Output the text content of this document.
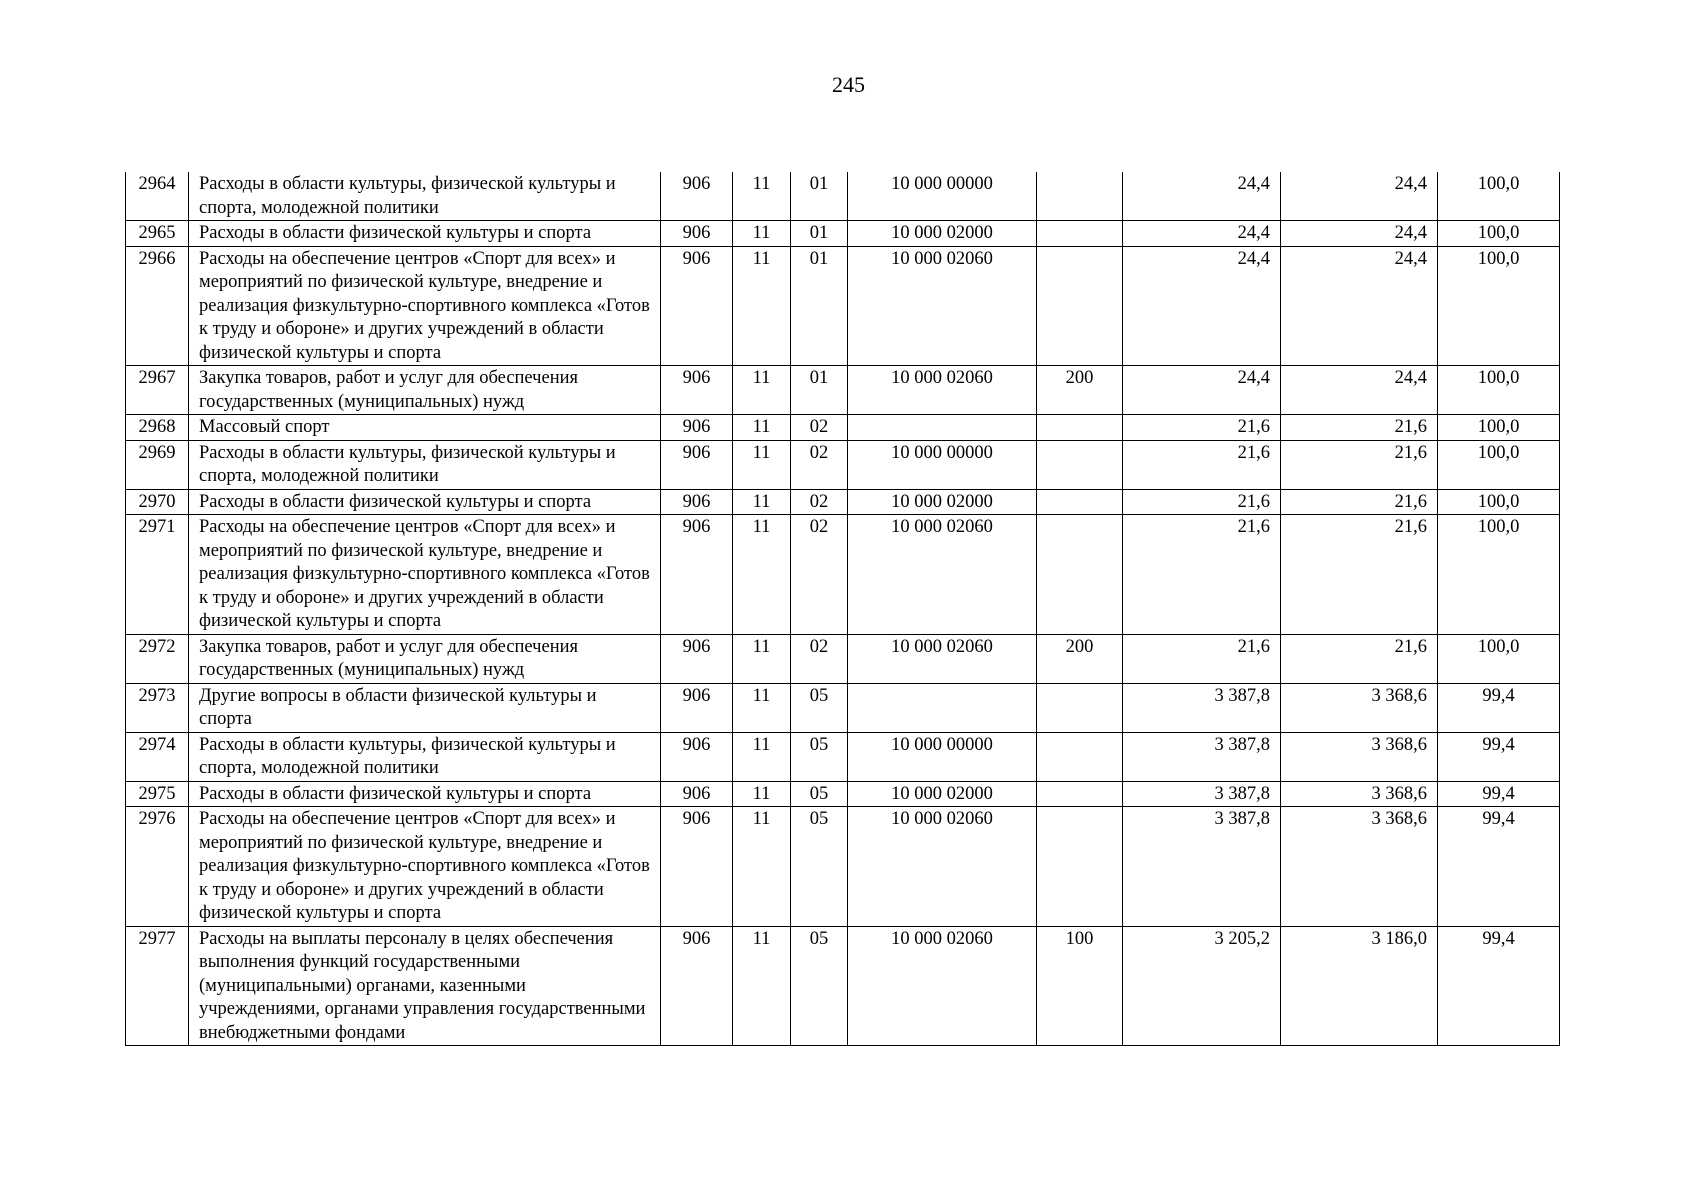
245
2964	Расходы в области культуры, физической культуры и спорта, молодежной политики	906	11	01	10 000 00000		24,4	24,4	100,0
2965	Расходы в области физической культуры и спорта	906	11	01	10 000 02000		24,4	24,4	100,0
2966	Расходы на обеспечение центров «Спорт для всех» и мероприятий по физической культуре, внедрение и реализация физкультурно-спортивного комплекса «Готов к труду и обороне» и других учреждений в области физической культуры и спорта	906	11	01	10 000 02060		24,4	24,4	100,0
2967	Закупка товаров, работ и услуг для обеспечения государственных (муниципальных) нужд	906	11	01	10 000 02060	200	24,4	24,4	100,0
2968	Массовый спорт	906	11	02			21,6	21,6	100,0
2969	Расходы в области культуры, физической культуры и спорта, молодежной политики	906	11	02	10 000 00000		21,6	21,6	100,0
2970	Расходы в области физической культуры и спорта	906	11	02	10 000 02000		21,6	21,6	100,0
2971	Расходы на обеспечение центров «Спорт для всех» и мероприятий по физической культуре, внедрение и реализация физкультурно-спортивного комплекса «Готов к труду и обороне» и других учреждений в области физической культуры и спорта	906	11	02	10 000 02060		21,6	21,6	100,0
2972	Закупка товаров, работ и услуг для обеспечения государственных (муниципальных) нужд	906	11	02	10 000 02060	200	21,6	21,6	100,0
2973	Другие вопросы в области физической культуры и спорта	906	11	05			3 387,8	3 368,6	99,4
2974	Расходы в области культуры, физической культуры и спорта, молодежной политики	906	11	05	10 000 00000		3 387,8	3 368,6	99,4
2975	Расходы в области физической культуры и спорта	906	11	05	10 000 02000		3 387,8	3 368,6	99,4
2976	Расходы на обеспечение центров «Спорт для всех» и мероприятий по физической культуре, внедрение и реализация физкультурно-спортивного комплекса «Готов к труду и обороне» и других учреждений в области физической культуры и спорта	906	11	05	10 000 02060		3 387,8	3 368,6	99,4
2977	Расходы на выплаты персоналу в целях обеспечения выполнения функций государственными (муниципальными) органами, казенными учреждениями, органами управления государственными внебюджетными фондами	906	11	05	10 000 02060	100	3 205,2	3 186,0	99,4
